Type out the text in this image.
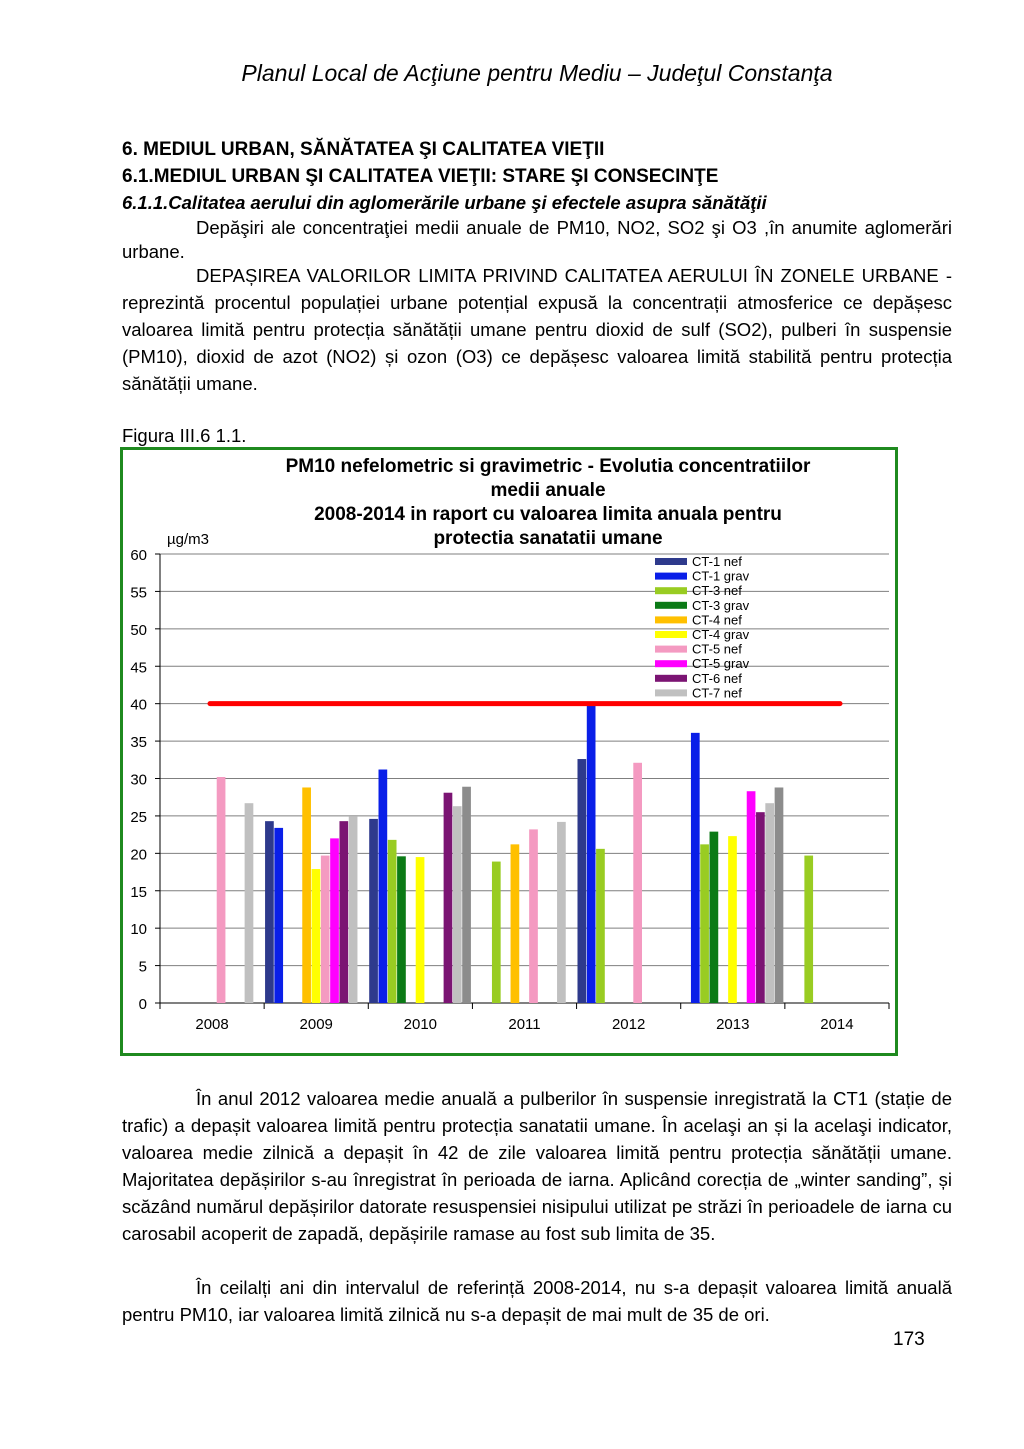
Planul Local de Acţiune pentru Mediu – Judeţul Constanţa
6. MEDIUL URBAN, SĂNĂTATEA ŞI CALITATEA VIEŢII
6.1.MEDIUL URBAN ŞI CALITATEA VIEŢII: STARE ŞI CONSECINŢE
6.1.1.Calitatea aerului din aglomerările urbane şi efectele asupra sănătăţii

Depăşiri ale concentraţiei medii anuale de PM10, NO2, SO2 şi O3 ,în anumite aglomerări urbane.

DEPAȘIREA VALORILOR LIMITA PRIVIND CALITATEA AERULUI ÎN ZONELE URBANE - reprezintă procentul populației urbane potențial expusă la concentrații atmosferice ce depășesc valoarea limită pentru protecția sănătății umane pentru dioxid de sulf (SO2), pulberi în suspensie (PM10), dioxid de azot (NO2) și ozon (O3) ce depășesc valoarea limită stabilită pentru protecția sănătății umane.

Figura III.6 1.1.
PM10 nefelometric si gravimetric - Evolutia concentratiilor
medii anuale
2008-2014 in raport cu valoarea limita anuala pentru
protectia sanatatii umane
µg/m3
0
5
10
15
20
25
30
35
40
45
50
55
60
2008	2009	2010	2011	2012	2013	2014
CT-1 nef
CT-1 grav
CT-3 nef
CT-3 grav
CT-4 nef
CT-4 grav
CT-5 nef
CT-5 grav
CT-6 nef
CT-7 nef

În anul 2012 valoarea medie anuală a pulberilor în suspensie inregistrată la CT1 (stație de trafic) a depașit valoarea limită pentru protecția sanatatii umane. În acelaşi an și la acelaşi indicator, valoarea medie zilnică a depașit în 42 de zile valoarea limită pentru protecția sănătății umane. Majoritatea depășirilor s-au înregistrat în perioada de iarna. Aplicând corecția de „winter sanding”, și scăzând numărul depășirilor datorate resuspensiei nisipului utilizat pe străzi în perioadele de iarna cu carosabil acoperit de zapadă, depășirile ramase au fost sub limita de 35.

În ceilalți ani din intervalul de referință 2008-2014, nu s-a depașit valoarea limită anuală pentru PM10, iar valoarea limită zilnică nu s-a depașit de mai mult de 35 de ori.

173
